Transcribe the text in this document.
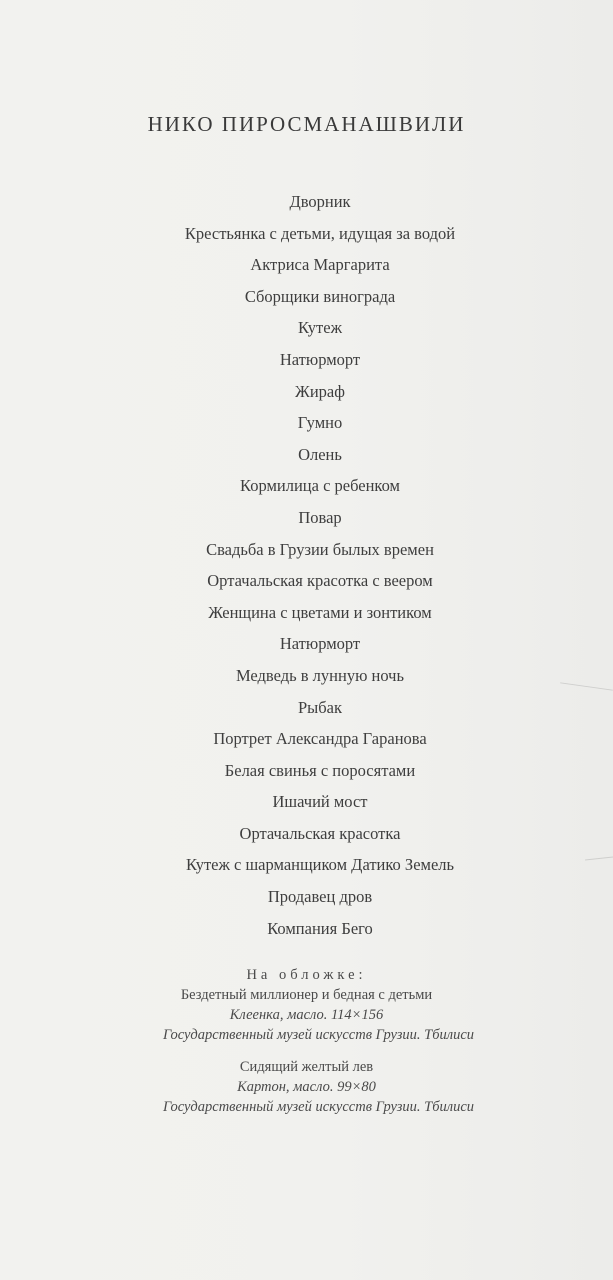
НИКО ПИРОСМАНАШВИЛИ
Дворник
Крестьянка с детьми, идущая за водой
Актриса Маргарита
Сборщики винограда
Кутеж
Натюрморт
Жираф
Гумно
Олень
Кормилица с ребенком
Повар
Свадьба в Грузии былых времен
Ортачальская красотка с веером
Женщина с цветами и зонтиком
Натюрморт
Медведь в лунную ночь
Рыбак
Портрет Александра Гаранова
Белая свинья с поросятами
Ишачий мост
Ортачальская красотка
Кутеж с шарманщиком Датико Земель
Продавец дров
Компания Бего
На обложке:
Бездетный миллионер и бедная с детьми
Клеенка, масло. 114×156
Государственный музей искусств Грузии. Тбилиси
Сидящий желтый лев
Картон, масло. 99×80
Государственный музей искусств Грузии. Тбилиси
